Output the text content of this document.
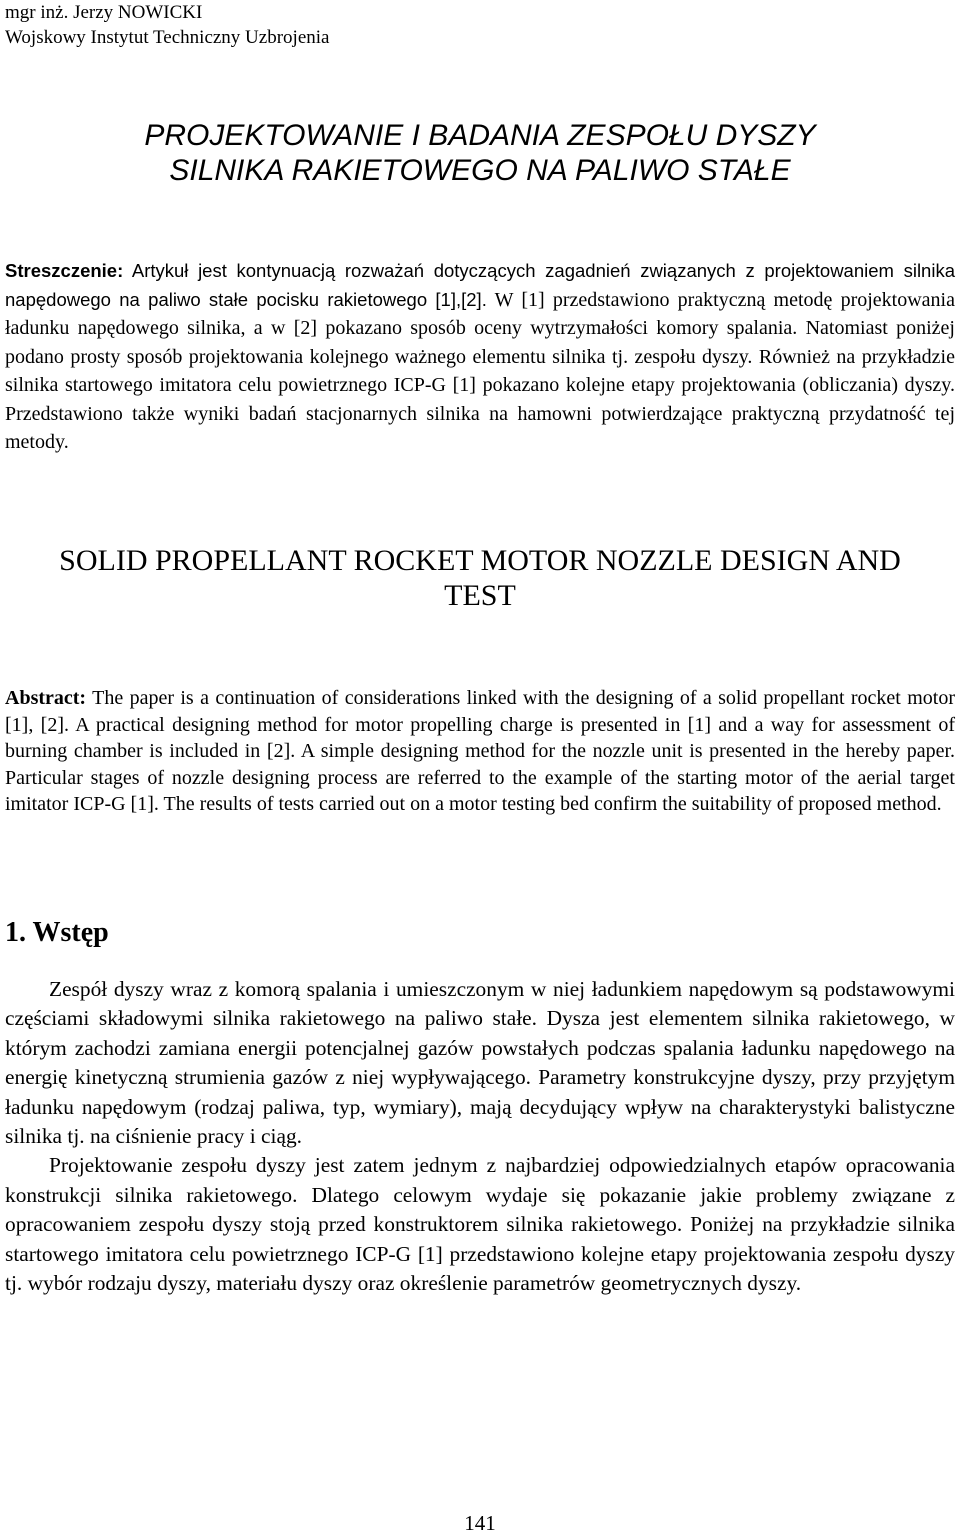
mgr inż. Jerzy NOWICKI
Wojskowy Instytut Techniczny Uzbrojenia
PROJEKTOWANIE I BADANIA ZESPOŁU DYSZY
SILNIKA RAKIETOWEGO NA PALIWO STAŁE
Streszczenie: Artykuł jest kontynuacją rozważań dotyczących zagadnień związanych z projektowaniem silnika napędowego na paliwo stałe pocisku rakietowego [1],[2]. W [1] przedstawiono praktyczną metodę projektowania ładunku napędowego silnika, a w [2] pokazano sposób oceny wytrzymałości komory spalania. Natomiast poniżej podano prosty sposób projektowania kolejnego ważnego elementu silnika tj. zespołu dyszy. Również na przykładzie silnika startowego imitatora celu powietrznego ICP-G [1] pokazano kolejne etapy projektowania (obliczania) dyszy. Przedstawiono także wyniki badań stacjonarnych silnika na hamowni potwierdzające praktyczną przydatność tej metody.
SOLID PROPELLANT ROCKET MOTOR NOZZLE DESIGN AND
TEST
Abstract: The paper is a continuation of considerations linked with the designing of a solid propellant rocket motor [1], [2]. A practical designing method for motor propelling charge is presented in [1] and a way for assessment of burning chamber is included in [2]. A simple designing method for the nozzle unit is presented in the hereby paper. Particular stages of nozzle designing process are referred to the example of the starting motor of the aerial target imitator ICP-G [1]. The results of tests carried out on a motor testing bed confirm the suitability of proposed method.
1. Wstęp

Zespół dyszy wraz z komorą spalania i umieszczonym w niej ładunkiem napędowym są podstawowymi częściami składowymi silnika rakietowego na paliwo stałe. Dysza jest elementem silnika rakietowego, w którym zachodzi zamiana energii potencjalnej gazów powstałych podczas spalania ładunku napędowego na energię kinetyczną strumienia gazów z niej wypływającego. Parametry konstrukcyjne dyszy, przy przyjętym ładunku napędowym (rodzaj paliwa, typ, wymiary), mają decydujący wpływ na charakterystyki balistyczne silnika tj. na ciśnienie pracy i ciąg.

Projektowanie zespołu dyszy jest zatem jednym z najbardziej odpowiedzialnych etapów opracowania konstrukcji silnika rakietowego. Dlatego celowym wydaje się pokazanie jakie problemy związane z opracowaniem zespołu dyszy stoją przed konstruktorem silnika rakietowego. Poniżej na przykładzie silnika startowego imitatora celu powietrznego ICP-G [1] przedstawiono kolejne etapy projektowania zespołu dyszy tj. wybór rodzaju dyszy, materiału dyszy oraz określenie parametrów geometrycznych dyszy.

141
